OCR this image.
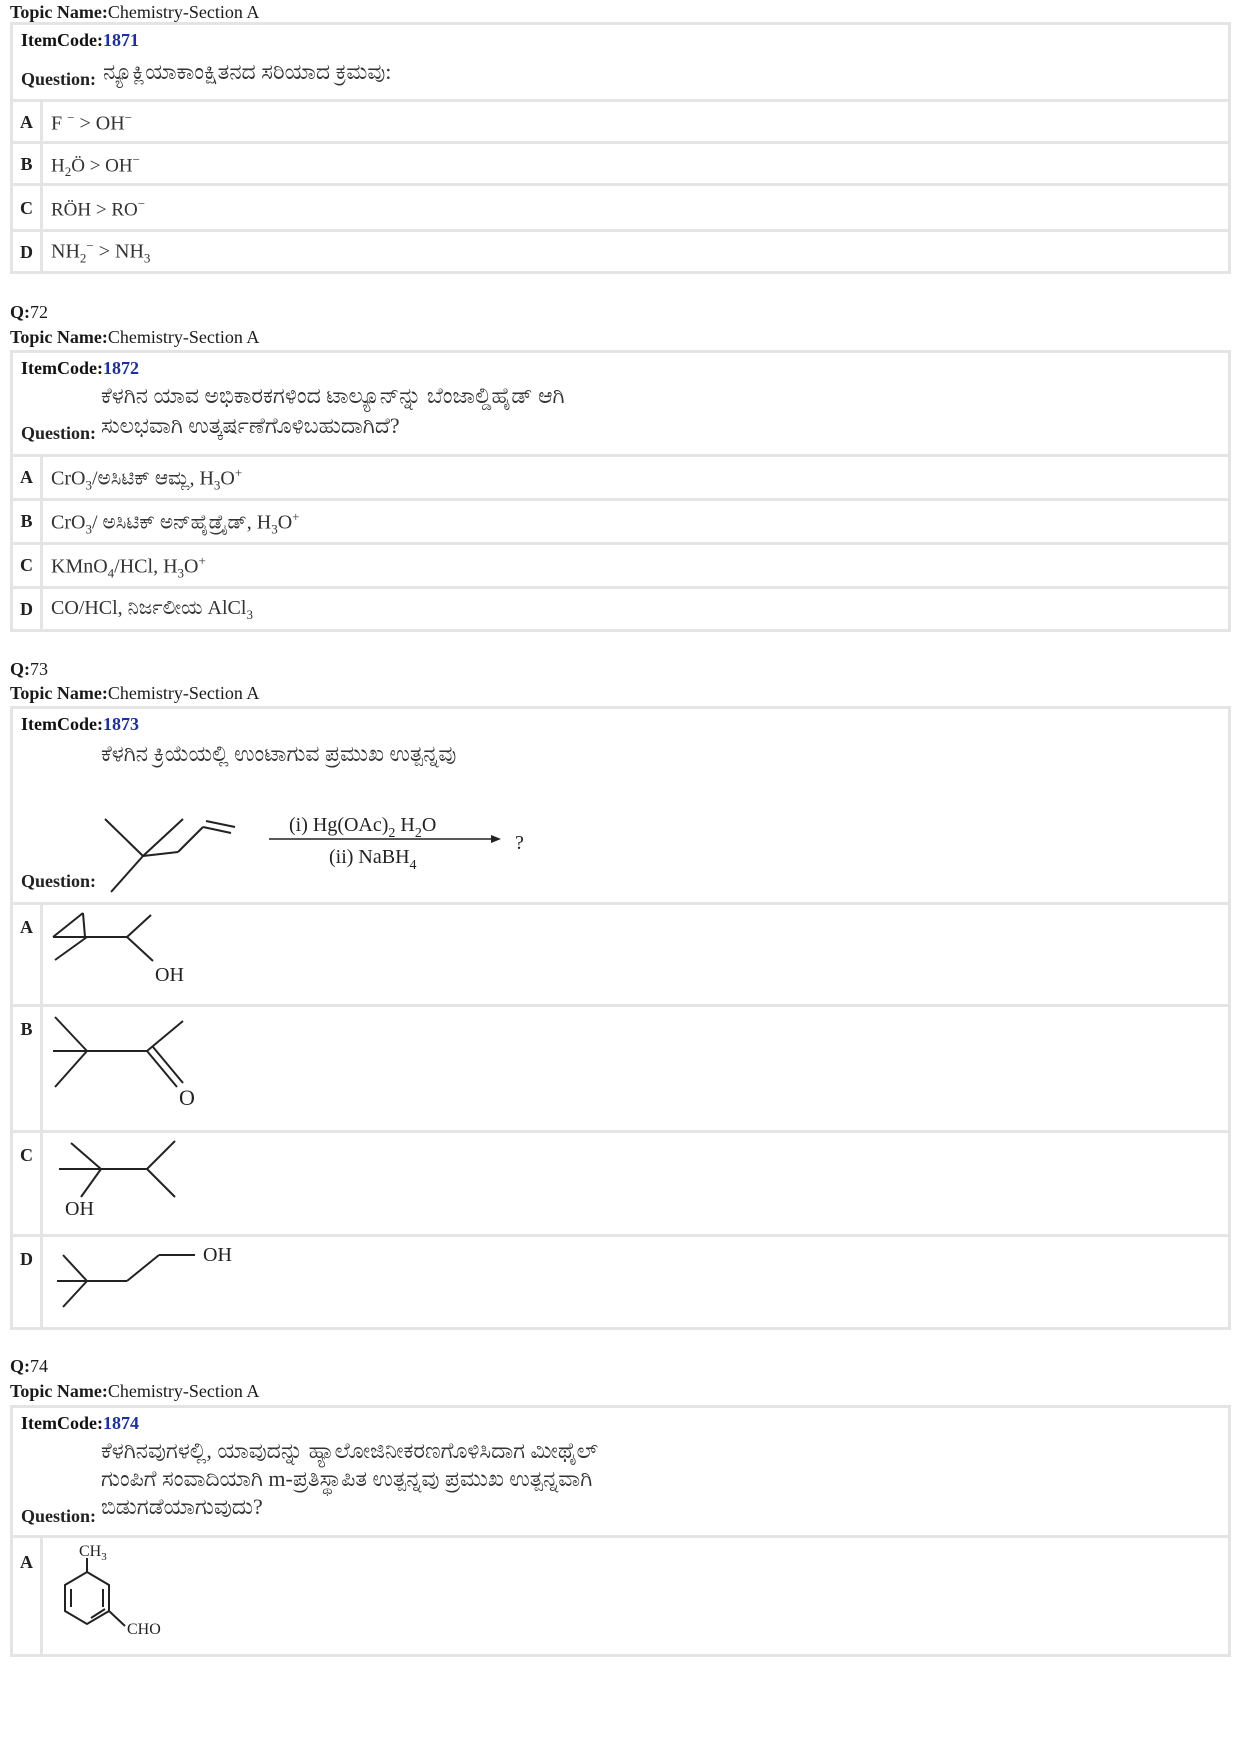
Topic Name:Chemistry-Section A
ItemCode:1871
Question: ನ್ಯೂಕ್ಲಿಯಾಕಾಂಕ್ಷಿತನದ ಸರಿಯಾದ ಕ್ರಮವು:
A F − > OH−
B $H_2Ö > OH^-$
C RÖH > RO−
D $NH_2^- > NH_3$
Q:72
Topic Name:Chemistry-Section A
ItemCode:1872
ಕೆಳಗಿನ ಯಾವ ಅಭಿಕಾರಕಗಳಿಂದ ಟಾಲ್ಯೂನ್‌ನ್ನು ಬೆಂಜಾಲ್ಡಿಹೈಡ್ ಆಗಿ
ಸುಲಭವಾಗಿ ಉತ್ಕರ್ಷಣೆಗೊಳಿಬಹುದಾಗಿದೆ?
Question:
A CrO$_3$/ಅಸಿಟಿಕ್ ಆಮ್ಲ, $H_3O^+$
B CrO$_3$/ ಅಸಿಟಿಕ್ ಅನ್‌ಹೈಡ್ರೈಡ್, $H_3O^+$
C KMnO$_4$/HCl, $H_3O^+$
D CO/HCl, ನಿರ್ಜಲೀಯ AlCl$_3$
Q:73
Topic Name:Chemistry-Section A
ItemCode:1873
ಕೆಳಗಿನ ಕ್ರಿಯೆಯಲ್ಲಿ ಉಂಟಾಗುವ ಪ್ರಮುಖ ಉತ್ಪನ್ನವು
Question:
(i) $Hg(OAc)_2$ $H_2O$
(ii) NaBH$_4$
?
A
OH
B
O
C
OH
D	OH
Q:74
Topic Name:Chemistry-Section A
ItemCode:1874
ಕೆಳಗಿನವುಗಳಲ್ಲಿ, ಯಾವುದನ್ನು ಹ್ಯಾಲೋಜಿನೀಕರಣಗೊಳಿಸಿದಾಗ ಮೀಥೈಲ್
ಗುಂಪಿಗೆ ಸಂವಾದಿಯಾಗಿ m-ಪ್ರತಿಸ್ಥಾಪಿತ ಉತ್ಪನ್ನವು ಪ್ರಮುಖ ಉತ್ಪನ್ನವಾಗಿ
ಬಿಡುಗಡೆಯಾಗುವುದು?
Question:
A
$CH_3$
CHO
